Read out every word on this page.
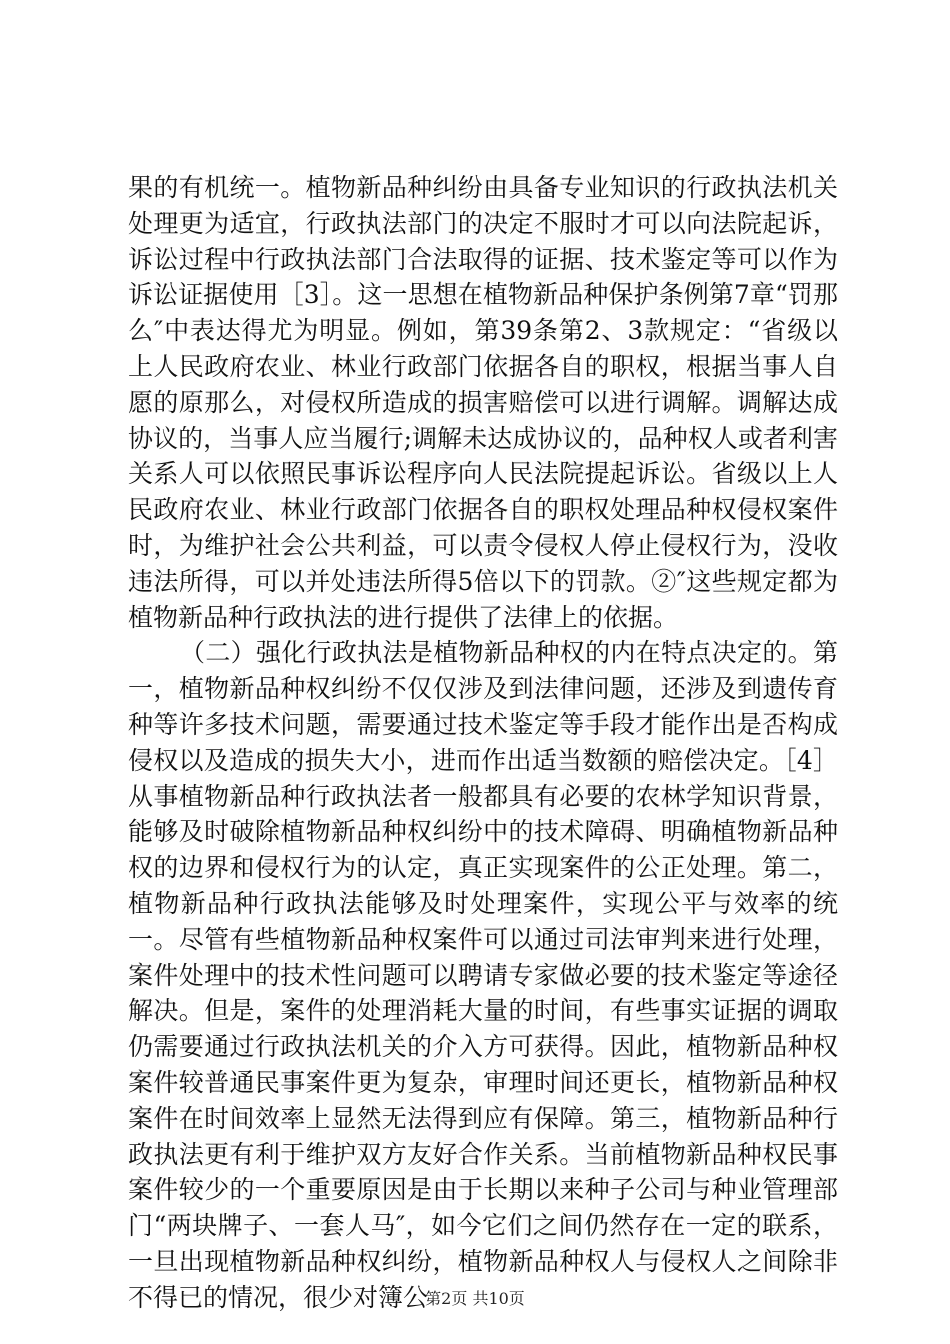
果的有机统一。植物新品种纠纷由具备专业知识的行政执法机关处理更为适宜，行政执法部门的决定不服时才可以向法院起诉，诉讼过程中行政执法部门合法取得的证据、技术鉴定等可以作为诉讼证据使用［3］。这一思想在植物新品种保护条例第7章“罚那么″中表达得尤为明显。例如，第39条第2、3款规定：“省级以上人民政府农业、林业行政部门依据各自的职权，根据当事人自愿的原那么，对侵权所造成的损害赔偿可以进行调解。调解达成协议的，当事人应当履行;调解未达成协议的，品种权人或者利害关系人可以依照民事诉讼程序向人民法院提起诉讼。省级以上人民政府农业、林业行政部门依据各自的职权处理品种权侵权案件时，为维护社会公共利益，可以责令侵权人停止侵权行为，没收违法所得，可以并处违法所得5倍以下的罚款。②″这些规定都为植物新品种行政执法的进行提供了法律上的依据。

（二）强化行政执法是植物新品种权的内在特点决定的。第一，植物新品种权纠纷不仅仅涉及到法律问题，还涉及到遗传育种等许多技术问题，需要通过技术鉴定等手段才能作出是否构成侵权以及造成的损失大小，进而作出适当数额的赔偿决定。［4］从事植物新品种行政执法者一般都具有必要的农林学知识背景，能够及时破除植物新品种权纠纷中的技术障碍、明确植物新品种权的边界和侵权行为的认定，真正实现案件的公正处理。第二，植物新品种行政执法能够及时处理案件，实现公平与效率的统一。尽管有些植物新品种权案件可以通过司法审判来进行处理，案件处理中的技术性问题可以聘请专家做必要的技术鉴定等途径解决。但是，案件的处理消耗大量的时间，有些事实证据的调取仍需要通过行政执法机关的介入方可获得。因此，植物新品种权案件较普通民事案件更为复杂，审理时间还更长，植物新品种权案件在时间效率上显然无法得到应有保障。第三，植物新品种行政执法更有利于维护双方友好合作关系。当前植物新品种权民事案件较少的一个重要原因是由于长期以来种子公司与种业管理部门“两块牌子、一套人马″，如今它们之间仍然存在一定的联系，一旦出现植物新品种权纠纷，植物新品种权人与侵权人之间除非不得已的情况，很少对簿公

第2页 共10页
